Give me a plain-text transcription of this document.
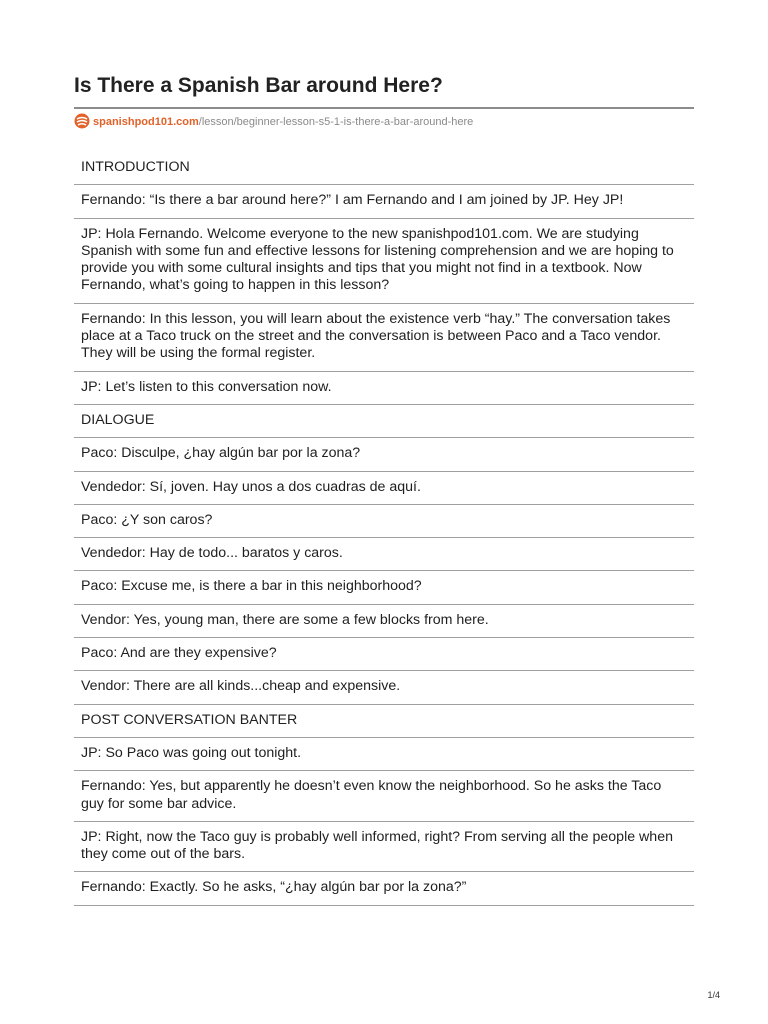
Is There a Spanish Bar around Here?
spanishpod101.com/lesson/beginner-lesson-s5-1-is-there-a-bar-around-here
INTRODUCTION
Fernando: “Is there a bar around here?” I am Fernando and I am joined by JP. Hey JP!
JP: Hola Fernando. Welcome everyone to the new spanishpod101.com. We are studying Spanish with some fun and effective lessons for listening comprehension and we are hoping to provide you with some cultural insights and tips that you might not find in a textbook. Now Fernando, what’s going to happen in this lesson?
Fernando: In this lesson, you will learn about the existence verb “hay.” The conversation takes place at a Taco truck on the street and the conversation is between Paco and a Taco vendor. They will be using the formal register.
JP: Let’s listen to this conversation now.
DIALOGUE
Paco: Disculpe, ¿hay algún bar por la zona?
Vendedor: Sí, joven. Hay unos a dos cuadras de aquí.
Paco: ¿Y son caros?
Vendedor: Hay de todo... baratos y caros.
Paco: Excuse me, is there a bar in this neighborhood?
Vendor: Yes, young man, there are some a few blocks from here.
Paco: And are they expensive?
Vendor: There are all kinds...cheap and expensive.
POST CONVERSATION BANTER
JP: So Paco was going out tonight.
Fernando: Yes, but apparently he doesn’t even know the neighborhood. So he asks the Taco guy for some bar advice.
JP: Right, now the Taco guy is probably well informed, right? From serving all the people when they come out of the bars.
Fernando: Exactly. So he asks, “¿hay algún bar por la zona?”
1/4
